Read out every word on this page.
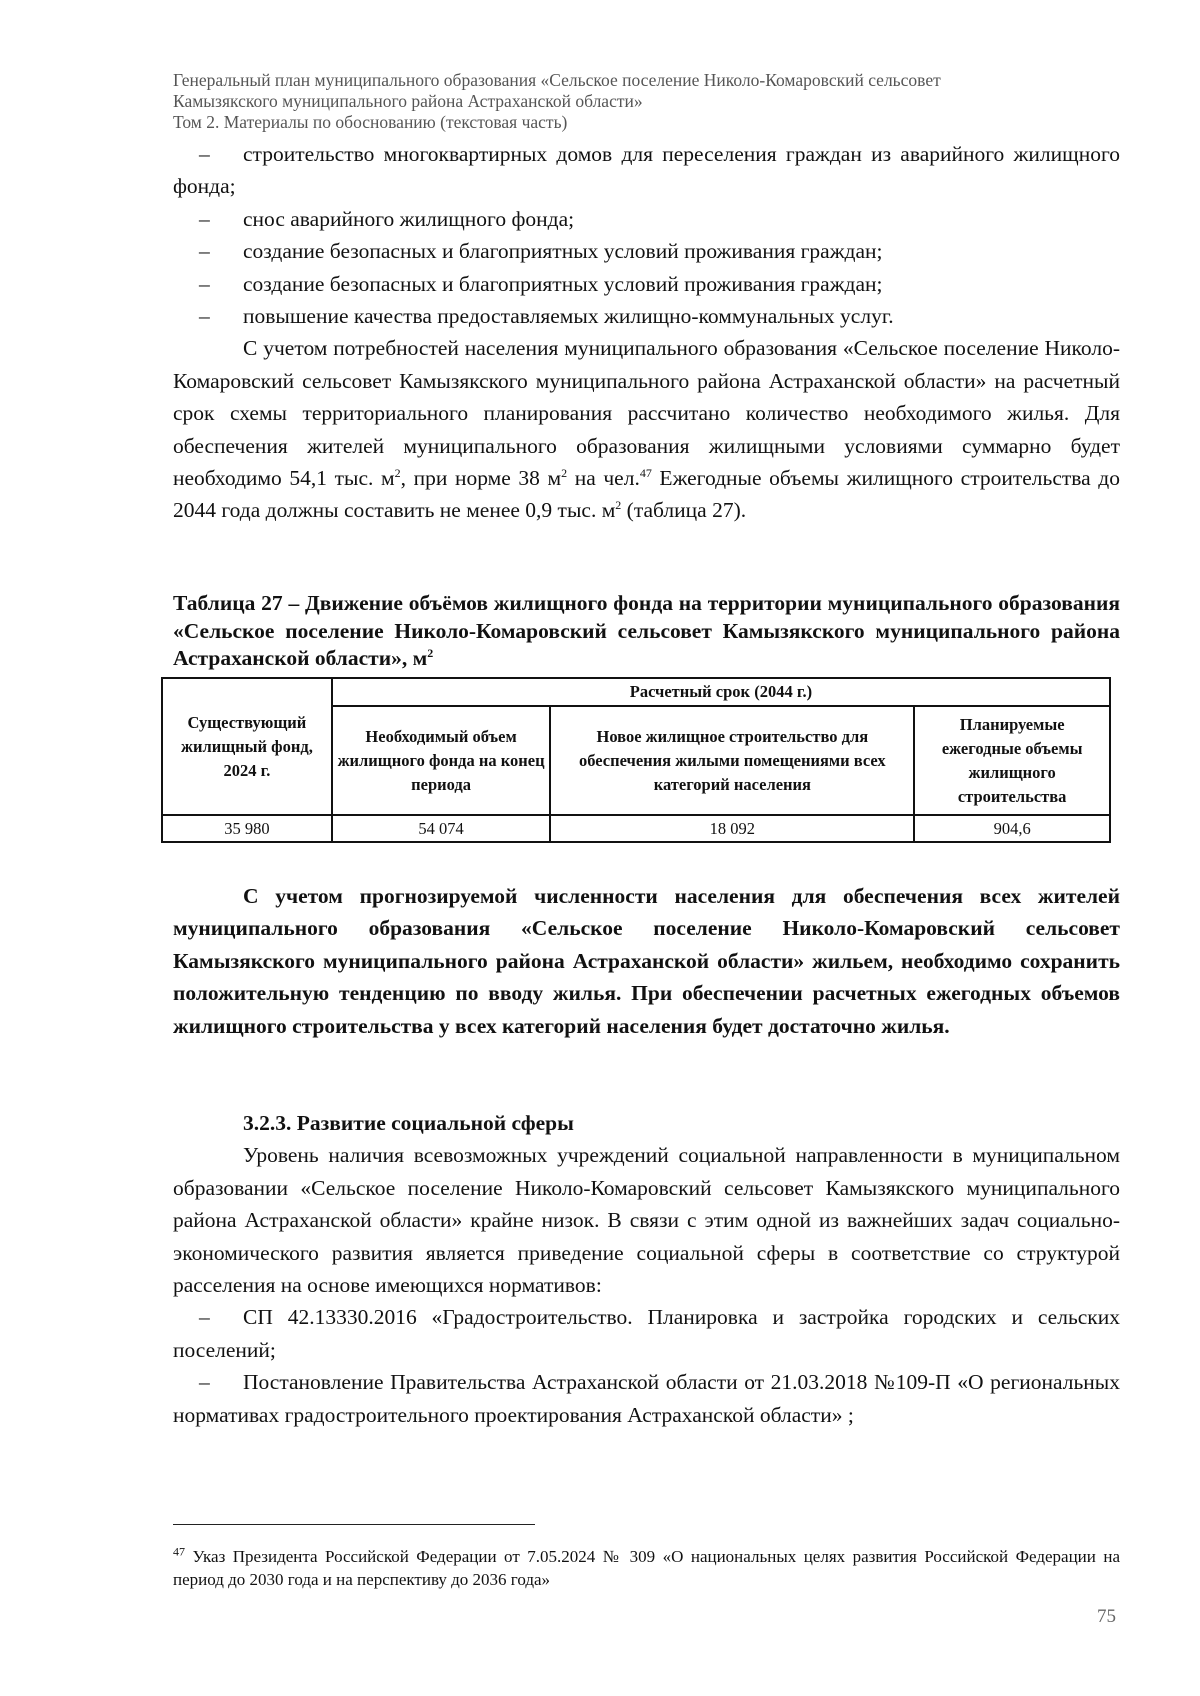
Генеральный план муниципального образования «Сельское поселение Николо-Комаровский сельсовет
Камызякского муниципального района Астраханской области»
Том 2. Материалы по обоснованию (текстовая часть)
– строительство многоквартирных домов для переселения граждан из аварийного жилищного фонда;
– снос аварийного жилищного фонда;
– создание безопасных и благоприятных условий проживания граждан;
– создание безопасных и благоприятных условий проживания граждан;
– повышение качества предоставляемых жилищно-коммунальных услуг.
С учетом потребностей населения муниципального образования «Сельское поселение Николо-Комаровский сельсовет Камызякского муниципального района Астраханской области» на расчетный срок схемы территориального планирования рассчитано количество необходимого жилья. Для обеспечения жителей муниципального образования жилищными условиями суммарно будет необходимо 54,1 тыс. $м^2$, при норме 38 $м^2$ на чел.$^{47}$ Ежегодные объемы жилищного строительства до 2044 года должны составить не менее 0,9 тыс. $м^2$ (таблица 27).
Таблица 27 – Движение объёмов жилищного фонда на территории муниципального образования «Сельское поселение Николо-Комаровский сельсовет Камызякского муниципального района Астраханской области», $м^2$
Существующий жилищный фонд, 2024 г.	Расчетный срок (2044 г.)		
	Необходимый объем жилищного фонда на конец периода	Новое жилищное строительство для обеспечения жилыми помещениями всех категорий населения	Планируемые ежегодные объемы жилищного строительства
35 980	54 074	18 092	904,6
С учетом прогнозируемой численности населения для обеспечения всех жителей муниципального образования «Сельское поселение Николо-Комаровский сельсовет Камызякского муниципального района Астраханской области» жильем, необходимо сохранить положительную тенденцию по вводу жилья. При обеспечении расчетных ежегодных объемов жилищного строительства у всех категорий населения будет достаточно жилья.
3.2.3. Развитие социальной сферы
Уровень наличия всевозможных учреждений социальной направленности в муниципальном образовании «Сельское поселение Николо-Комаровский сельсовет Камызякского муниципального района Астраханской области» крайне низок. В связи с этим одной из важнейших задач социально-экономического развития является приведение социальной сферы в соответствие со структурой расселения на основе имеющихся нормативов:
– СП 42.13330.2016 «Градостроительство. Планировка и застройка городских и сельских поселений;
– Постановление Правительства Астраханской области от 21.03.2018 №109-П «О региональных нормативах градостроительного проектирования Астраханской области» ;
$^{47}$ Указ Президента Российской Федерации от 7.05.2024 № 309 «О национальных целях развития Российской Федерации на период до 2030 года и на перспективу до 2036 года»
75
